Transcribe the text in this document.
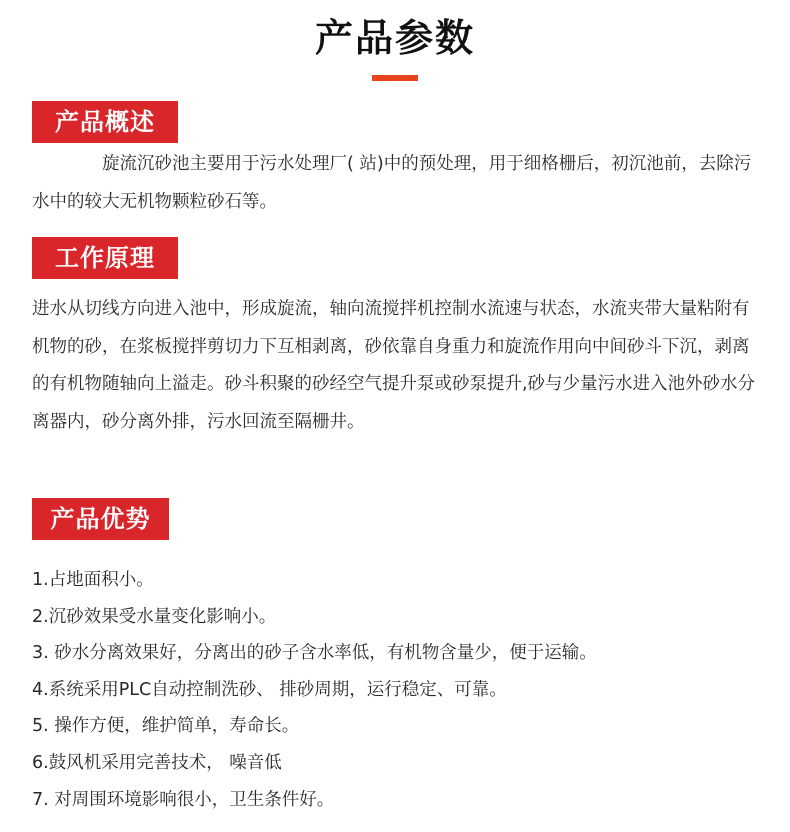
产品参数
产品概述

旋流沉砂池主要用于污水处理厂( 站)中的预处理，用于细格栅后，初沉池前，去除污水中的较大无机物颗粒砂石等。

工作原理

进水从切线方向进入池中，形成旋流，轴向流搅拌机控制水流速与状态，水流夹带大量粘附有机物的砂，在浆板搅拌剪切力下互相剥离，砂依靠自身重力和旋流作用向中间砂斗下沉，剥离的有机物随轴向上溢走。砂斗积聚的砂经空气提升泵或砂泵提升,砂与少量污水进入池外砂水分离器内，砂分离外排，污水回流至隔栅井。

产品优势
1.占地面积小。
2.沉砂效果受水量变化影响小。
3. 砂水分离效果好，分离出的砂子含水率低，有机物含量少，便于运输。
4.系统采用PLC自动控制洗砂、 排砂周期，运行稳定、可靠。
5. 操作方便，维护简单，寿命长。
6.鼓风机采用完善技术， 噪音低
7. 对周围环境影响很小，卫生条件好。
